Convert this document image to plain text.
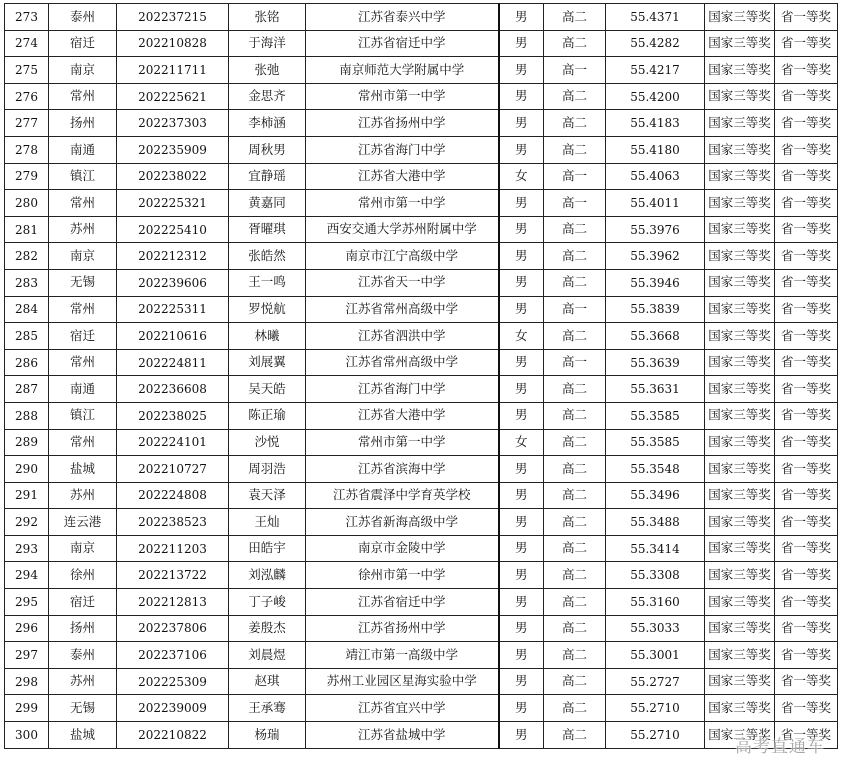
273	泰州	202237215	张铭	江苏省泰兴中学	男	高二	55.4371	国家三等奖	省一等奖
274	宿迁	202210828	于海洋	江苏省宿迁中学	男	高二	55.4282	国家三等奖	省一等奖
275	南京	202211711	张弛	南京师范大学附属中学	男	高一	55.4217	国家三等奖	省一等奖
276	常州	202225621	金思齐	常州市第一中学	男	高二	55.4200	国家三等奖	省一等奖
277	扬州	202237303	李柿涵	江苏省扬州中学	男	高二	55.4183	国家三等奖	省一等奖
278	南通	202235909	周秋男	江苏省海门中学	男	高二	55.4180	国家三等奖	省一等奖
279	镇江	202238022	宜静瑶	江苏省大港中学	女	高一	55.4063	国家三等奖	省一等奖
280	常州	202225321	黄嘉同	常州市第一中学	男	高一	55.4011	国家三等奖	省一等奖
281	苏州	202225410	胥曜琪	西安交通大学苏州附属中学	男	高二	55.3976	国家三等奖	省一等奖
282	南京	202212312	张皓然	南京市江宁高级中学	男	高二	55.3962	国家三等奖	省一等奖
283	无锡	202239606	王一鸣	江苏省天一中学	男	高二	55.3946	国家三等奖	省一等奖
284	常州	202225311	罗悦航	江苏省常州高级中学	男	高一	55.3839	国家三等奖	省一等奖
285	宿迁	202210616	林曦	江苏省泗洪中学	女	高二	55.3668	国家三等奖	省一等奖
286	常州	202224811	刘展翼	江苏省常州高级中学	男	高一	55.3639	国家三等奖	省一等奖
287	南通	202236608	吴天皓	江苏省海门中学	男	高二	55.3631	国家三等奖	省一等奖
288	镇江	202238025	陈正瑜	江苏省大港中学	男	高二	55.3585	国家三等奖	省一等奖
289	常州	202224101	沙悦	常州市第一中学	女	高二	55.3585	国家三等奖	省一等奖
290	盐城	202210727	周羽浩	江苏省滨海中学	男	高二	55.3548	国家三等奖	省一等奖
291	苏州	202224808	袁天泽	江苏省震泽中学育英学校	男	高二	55.3496	国家三等奖	省一等奖
292	连云港	202238523	王灿	江苏省新海高级中学	男	高二	55.3488	国家三等奖	省一等奖
293	南京	202211203	田皓宇	南京市金陵中学	男	高二	55.3414	国家三等奖	省一等奖
294	徐州	202213722	刘泓麟	徐州市第一中学	男	高二	55.3308	国家三等奖	省一等奖
295	宿迁	202212813	丁子峻	江苏省宿迁中学	男	高二	55.3160	国家三等奖	省一等奖
296	扬州	202237806	姜殷杰	江苏省扬州中学	男	高二	55.3033	国家三等奖	省一等奖
297	泰州	202237106	刘晨煜	靖江市第一高级中学	男	高二	55.3001	国家三等奖	省一等奖
298	苏州	202225309	赵琪	苏州工业园区星海实验中学	男	高二	55.2727	国家三等奖	省一等奖
299	无锡	202239009	王承骞	江苏省宜兴中学	男	高二	55.2710	国家三等奖	省一等奖
300	盐城	202210822	杨瑞	江苏省盐城中学	男	高二	55.2710	国家三等奖	省一等奖
高考直通车
